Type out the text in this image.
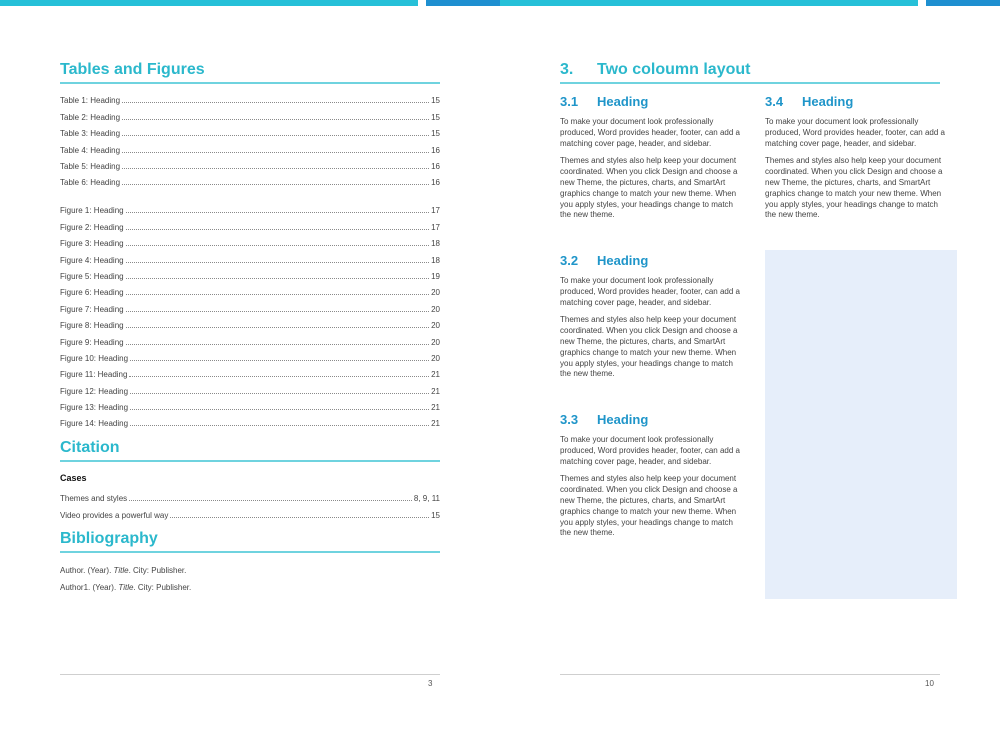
Tables and Figures
Table 1: Heading	15
Table 2: Heading	15
Table 3: Heading	15
Table 4: Heading	16
Table 5: Heading	16
Table 6: Heading	16
Figure 1: Heading	17
Figure 2: Heading	17
Figure 3: Heading	18
Figure 4: Heading	18
Figure 5: Heading	19
Figure 6: Heading	20
Figure 7: Heading	20
Figure 8: Heading	20
Figure 9: Heading	20
Figure 10: Heading	20
Figure 11: Heading	21
Figure 12: Heading	21
Figure 13: Heading	21
Figure 14: Heading	21
Citation
Cases
Themes and styles	8, 9, 11
Video provides a powerful way	15
Bibliography
Author. (Year). Title . City: Publisher.
Author1. (Year). Title . City: Publisher.
3
3. Two coloumn layout
3.1 Heading

To make your document look professionally produced, Word provides header, footer, can add a matching cover page, header, and sidebar.

Themes and styles also help keep your document coordinated. When you click Design and choose a new Theme, the pictures, charts, and SmartArt graphics change to match your new theme. When you apply styles, your headings change to match the new theme.

3.2 Heading

To make your document look professionally produced, Word provides header, footer, can add a matching cover page, header, and sidebar.

Themes and styles also help keep your document coordinated. When you click Design and choose a new Theme, the pictures, charts, and SmartArt graphics change to match your new theme. When you apply styles, your headings change to match the new theme.

3.3 Heading

To make your document look professionally produced, Word provides header, footer, can add a matching cover page, header, and sidebar.

Themes and styles also help keep your document coordinated. When you click Design and choose a new Theme, the pictures, charts, and SmartArt graphics change to match your new theme. When you apply styles, your headings change to match the new theme.

3.4 Heading

To make your document look professionally produced, Word provides header, footer, can add a matching cover page, header, and sidebar.

Themes and styles also help keep your document coordinated. When you click Design and choose a new Theme, the pictures, charts, and SmartArt graphics change to match your new theme. When you apply styles, your headings change to match the new theme.

10
